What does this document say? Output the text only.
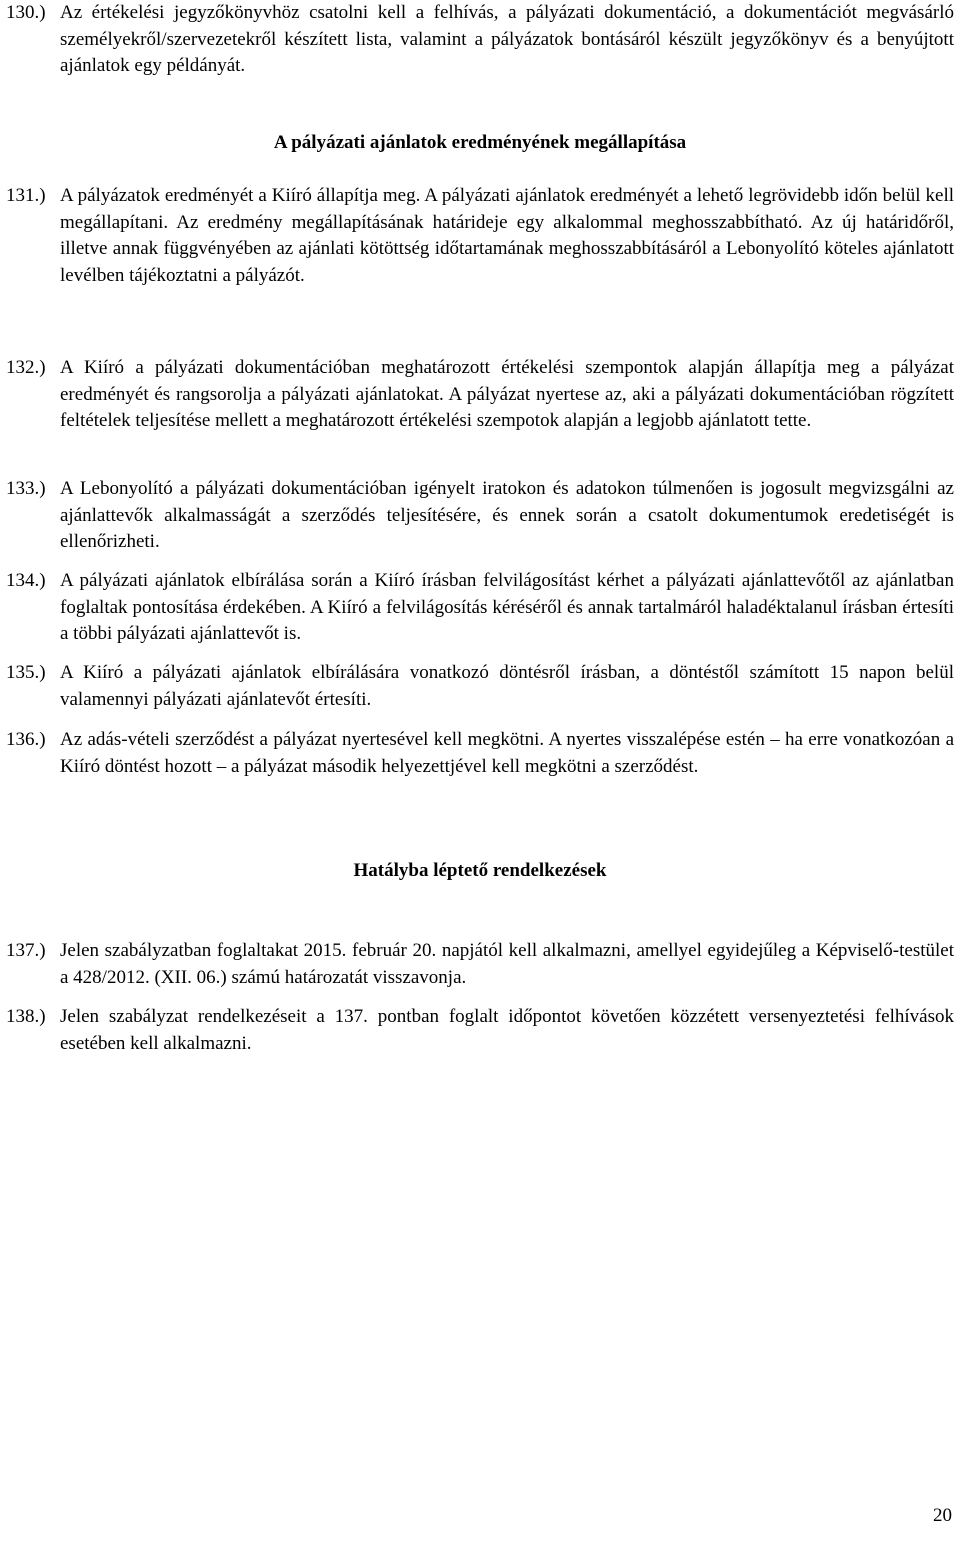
130.) Az értékelési jegyzőkönyvhöz csatolni kell a felhívás, a pályázati dokumentáció, a dokumentációt megvásárló személyekről/szervezetekről készített lista, valamint a pályázatok bontásáról készült jegyzőkönyv és a benyújtott ajánlatok egy példányát.
A pályázati ajánlatok eredményének megállapítása
131.) A pályázatok eredményét a Kiíró állapítja meg. A pályázati ajánlatok eredményét a lehető legrövidebb időn belül kell megállapítani. Az eredmény megállapításának határideje egy alkalommal meghosszabbítható. Az új határidőről, illetve annak függvényében az ajánlati kötöttség időtartamának meghosszabbításáról a Lebonyolító köteles ajánlatott levélben tájékoztatni a pályázót.
132.) A Kiíró a pályázati dokumentációban meghatározott értékelési szempontok alapján állapítja meg a pályázat eredményét és rangsorolja a pályázati ajánlatokat. A pályázat nyertese az, aki a pályázati dokumentációban rögzített feltételek teljesítése mellett a meghatározott értékelési szempotok alapján a legjobb ajánlatott tette.
133.) A Lebonyolító a pályázati dokumentációban igényelt iratokon és adatokon túlmenően is jogosult megvizsgálni az ajánlattevők alkalmasságát a szerződés teljesítésére, és ennek során a csatolt dokumentumok eredetiségét is ellenőrizheti.
134.) A pályázati ajánlatok elbírálása során a Kiíró írásban felvilágosítást kérhet a pályázati ajánlattevőtől az ajánlatban foglaltak pontosítása érdekében. A Kiíró a felvilágosítás kéréséről és annak tartalmáról haladéktalanul írásban értesíti a többi pályázati ajánlattevőt is.
135.) A Kiíró a pályázati ajánlatok elbírálására vonatkozó döntésről írásban, a döntéstől számított 15 napon belül valamennyi pályázati ajánlatevőt értesíti.
136.) Az adás-vételi szerződést a pályázat nyertesével kell megkötni. A nyertes visszalépése estén – ha erre vonatkozóan a Kiíró döntést hozott – a pályázat második helyezettjével kell megkötni a szerződést.
Hatályba léptető rendelkezések
137.) Jelen szabályzatban foglaltakat 2015. február 20. napjától kell alkalmazni, amellyel egyidejűleg a Képviselő-testület a 428/2012. (XII. 06.) számú határozatát visszavonja.
138.) Jelen szabályzat rendelkezéseit a 137. pontban foglalt időpontot követően közzétett versenyeztetési felhívások esetében kell alkalmazni.
20
